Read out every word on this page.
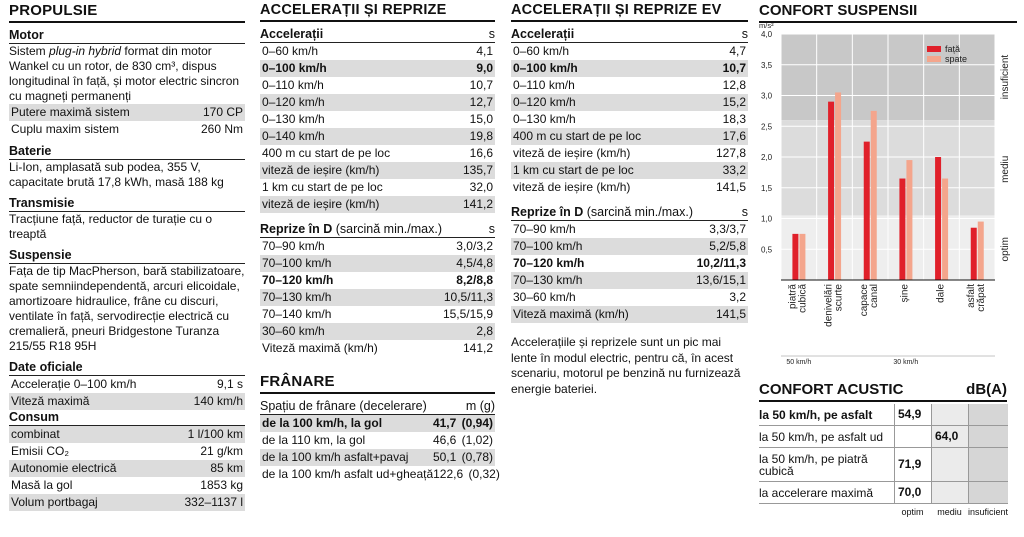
PROPULSIE
Motor
Sistem plug-in hybrid format din motor Wankel cu un rotor, de 830 cm³, dispus longitudinal în față, și motor electric sincron cu magneți permanenți
Putere maximă sistem	170 CP
Cuplu maxim sistem	260 Nm
Baterie
Li-Ion, amplasată sub podea, 355 V, capacitate brută 17,8 kWh, masă 188 kg
Transmisie
Tracțiune față, reductor de turație cu o treaptă
Suspensie
Fața de tip MacPherson, bară stabilizatoare, spate semniindependentă, arcuri elicoidale, amortizoare hidraulice, frâne cu discuri, ventilate în față, servodirecție electrică cu cremalieră, pneuri Bridgestone Turanza 215/55 R18 95H
Date oficiale
Accelerație 0–100 km/h	9,1 s
Viteză maximă	140 km/h
Consum
combinat	1 l/100 km
Emisii CO₂	21 g/km
Autonomie electrică	85 km
Masă la gol	1853 kg
Volum portbagaj	332–1137 l
ACCELERAȚII ȘI REPRIZE
Accelerații	s
0–60 km/h	4,1
0–100 km/h	9,0
0–110 km/h	10,7
0–120 km/h	12,7
0–130 km/h	15,0
0–140 km/h	19,8
400 m cu start de pe loc	16,6
viteză de ieșire (km/h)	135,7
1 km cu start de pe loc	32,0
viteză de ieșire (km/h)	141,2
Reprize în D (sarcină min./max.)	s
70–90 km/h	3,0/3,2
70–100 km/h	4,5/4,8
70–120 km/h	8,2/8,8
70–130 km/h	10,5/11,3
70–140 km/h	15,5/15,9
30–60 km/h	2,8
Viteză maximă (km/h)	141,2
FRÂNARE
Spațiu de frânare (decelerare)	m (g)
de la 100 km/h, la gol	41,7 (0,94)
de la 110 km, la gol	46,6 (1,02)
de la 100 km/h asfalt+pavaj 50,1 (0,78)
de la 100 km/h asfalt ud+gheață 122,6 (0,32)
ACCELERAȚII ȘI REPRIZE EV
Accelerații	s
0–60 km/h	4,7
0–100 km/h	10,7
0–110 km/h	12,8
0–120 km/h	15,2
0–130 km/h	18,3
400 m cu start de pe loc	17,6
viteză de ieșire (km/h)	127,8
1 km cu start de pe loc	33,2
viteză de ieșire (km/h)	141,5
Reprize în D (sarcină min./max.)	s
70–90 km/h	3,3/3,7
70–100 km/h	5,2/5,8
70–120 km/h	10,2/11,3
70–130 km/h	13,6/15,1
30–60 km/h	3,2
Viteză maximă (km/h)	141,5
Accelerațiile și reprizele sunt un pic mai lente în modul electric, pentru că, în acest scenariu, motorul pe benzină nu furnizează energie bateriei.
CONFORT SUSPENSII
4,0
3,5
3,0
2,5
2,0
1,5
1,0
0,5
m/s²
insuficient
mediu
optim
piatrăcubică denivelăriscurte capacecanal șine dale asfaltcrăpat
50 km/h	30 km/h
față
spate
CONFORT ACUSTIC	dB(A)
la 50 km/h, pe asfalt	54,9
la 50 km/h, pe asfalt ud	64,0
la 50 km/h, pe piatră cubică	71,9
la accelerare maximă	70,0
optim	mediu insuficient
